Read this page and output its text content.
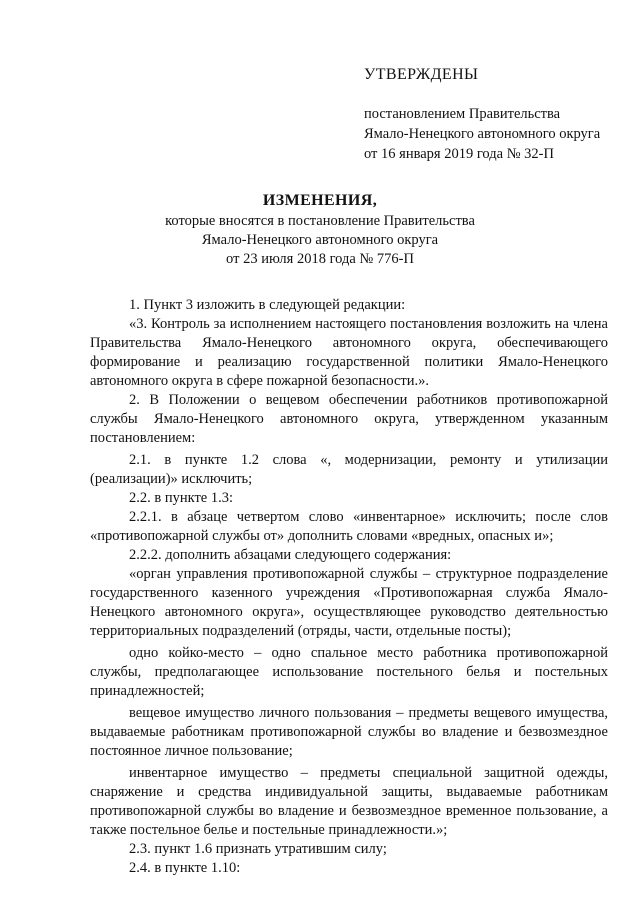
УТВЕРЖДЕНЫ
постановлением Правительства
Ямало-Ненецкого автономного округа
от 16 января 2019 года № 32-П
ИЗМЕНЕНИЯ,
которые вносятся в постановление Правительства
Ямало-Ненецкого автономного округа
от 23 июля 2018 года № 776-П

1. Пункт 3 изложить в следующей редакции:

«3. Контроль за исполнением настоящего постановления возложить на члена Правительства Ямало-Ненецкого автономного округа, обеспечивающего формирование и реализацию государственной политики Ямало-Ненецкого автономного округа в сфере пожарной безопасности.».

2. В Положении о вещевом обеспечении работников противопожарной службы Ямало-Ненецкого автономного округа, утвержденном указанным постановлением:

2.1. в пункте 1.2 слова «, модернизации, ремонту и утилизации (реализации)» исключить;

2.2. в пункте 1.3:

2.2.1. в абзаце четвертом слово «инвентарное» исключить; после слов «противопожарной службы от» дополнить словами «вредных, опасных и»;

2.2.2. дополнить абзацами следующего содержания:

«орган управления противопожарной службы – структурное подразделение государственного казенного учреждения «Противопожарная служба Ямало-Ненецкого автономного округа», осуществляющее руководство деятельностью территориальных подразделений (отряды, части, отдельные посты);

одно койко-место – одно спальное место работника противопожарной службы, предполагающее использование постельного белья и постельных принадлежностей;

вещевое имущество личного пользования – предметы вещевого имущества, выдаваемые работникам противопожарной службы во владение и безвозмездное постоянное личное пользование;

инвентарное имущество – предметы специальной защитной одежды, снаряжение и средства индивидуальной защиты, выдаваемые работникам противопожарной службы во владение и безвозмездное временное пользование, а также постельное белье и постельные принадлежности.»;

2.3. пункт 1.6 признать утратившим силу;

2.4. в пункте 1.10:
